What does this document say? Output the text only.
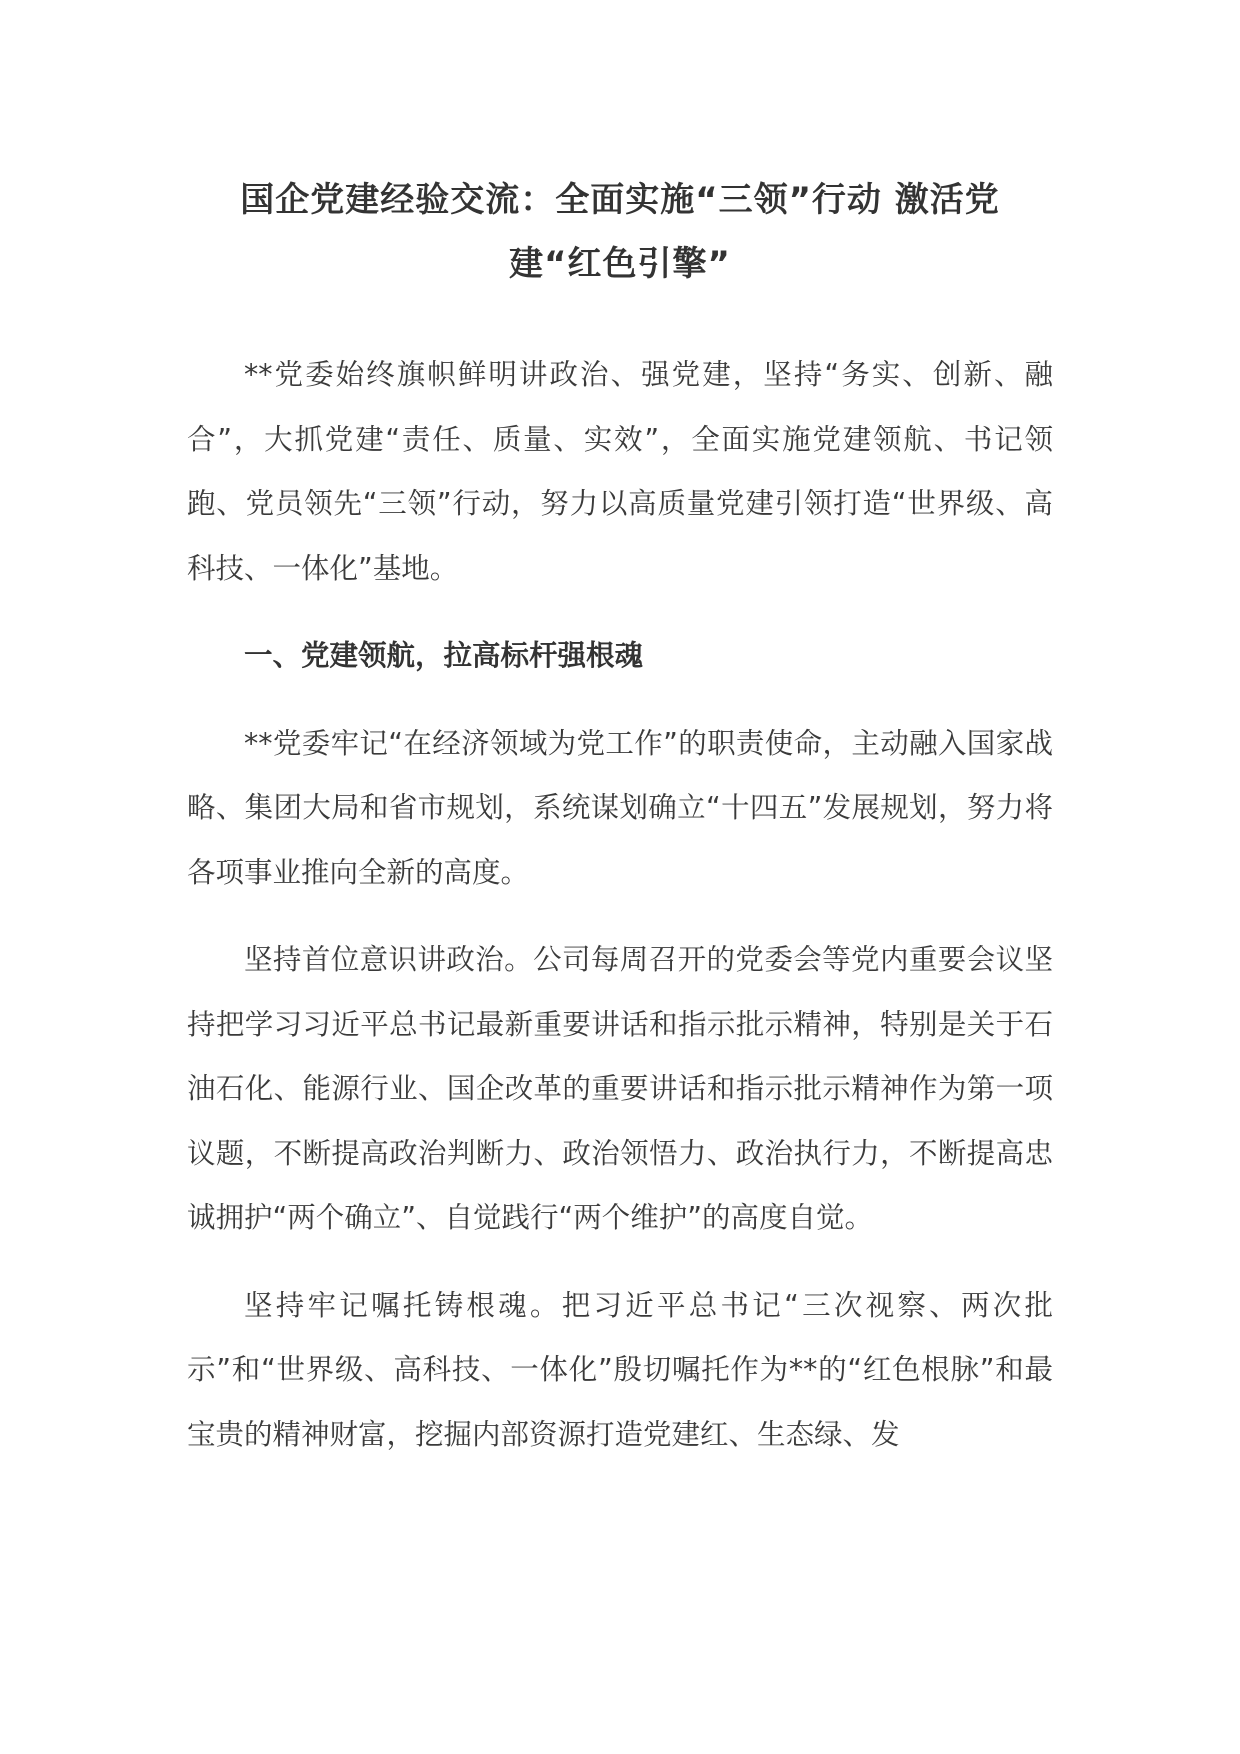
国企党建经验交流：全面实施“三领”行动 激活党建“红色引擎”

**党委始终旗帜鲜明讲政治、强党建，坚持“务实、创新、融合”，大抓党建“责任、质量、实效”，全面实施党建领航、书记领跑、党员领先“三领”行动，努力以高质量党建引领打造“世界级、高科技、一体化”基地。

一、党建领航，拉高标杆强根魂

**党委牢记“在经济领域为党工作”的职责使命，主动融入国家战略、集团大局和省市规划，系统谋划确立“十四五”发展规划，努力将各项事业推向全新的高度。

坚持首位意识讲政治。公司每周召开的党委会等党内重要会议坚持把学习习近平总书记最新重要讲话和指示批示精神，特别是关于石油石化、能源行业、国企改革的重要讲话和指示批示精神作为第一项议题，不断提高政治判断力、政治领悟力、政治执行力，不断提高忠诚拥护“两个确立”、自觉践行“两个维护”的高度自觉。

坚持牢记嘱托铸根魂。把习近平总书记“三次视察、两次批示”和“世界级、高科技、一体化”殷切嘱托作为**的“红色根脉”和最宝贵的精神财富，挖掘内部资源打造党建红、生态绿、发
